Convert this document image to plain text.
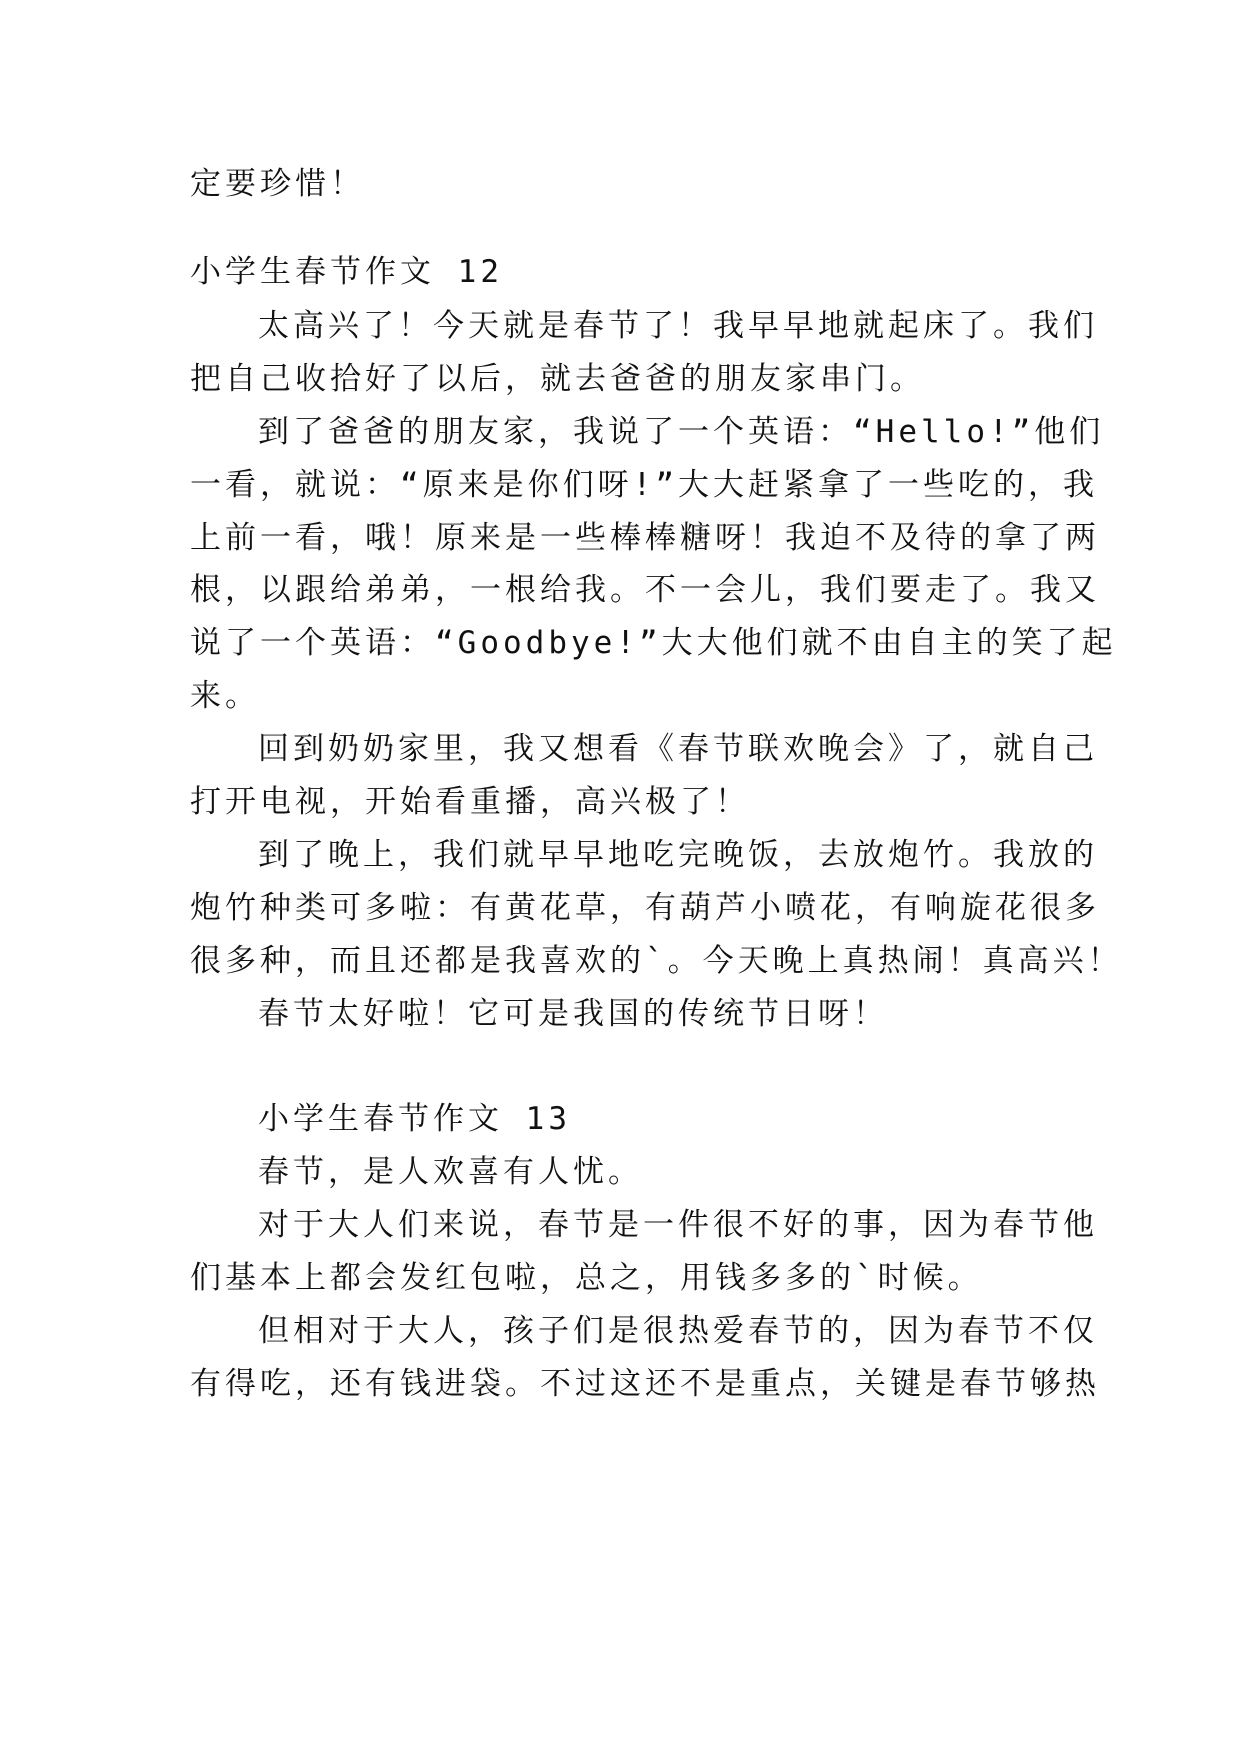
定要珍惜！
小学生春节作文 12
太高兴了！今天就是春节了！我早早地就起床了。我们
把自己收拾好了以后，就去爸爸的朋友家串门。
到了爸爸的朋友家，我说了一个英语：“Hello!”他们
一看，就说：“原来是你们呀!”大大赶紧拿了一些吃的，我
上前一看，哦！原来是一些棒棒糖呀！我迫不及待的拿了两
根，以跟给弟弟，一根给我。不一会儿，我们要走了。我又
说了一个英语：“Goodbye!”大大他们就不由自主的笑了起
来。
回到奶奶家里，我又想看《春节联欢晚会》了，就自己
打开电视，开始看重播，高兴极了！
到了晚上，我们就早早地吃完晚饭，去放炮竹。我放的
炮竹种类可多啦：有黄花草，有葫芦小喷花，有响旋花很多
很多种，而且还都是我喜欢的`。今天晚上真热闹！真高兴！
春节太好啦！它可是我国的传统节日呀！
小学生春节作文 13
春节，是人欢喜有人忧。
对于大人们来说，春节是一件很不好的事，因为春节他
们基本上都会发红包啦，总之，用钱多多的`时候。
但相对于大人，孩子们是很热爱春节的，因为春节不仅
有得吃，还有钱进袋。不过这还不是重点，关键是春节够热
